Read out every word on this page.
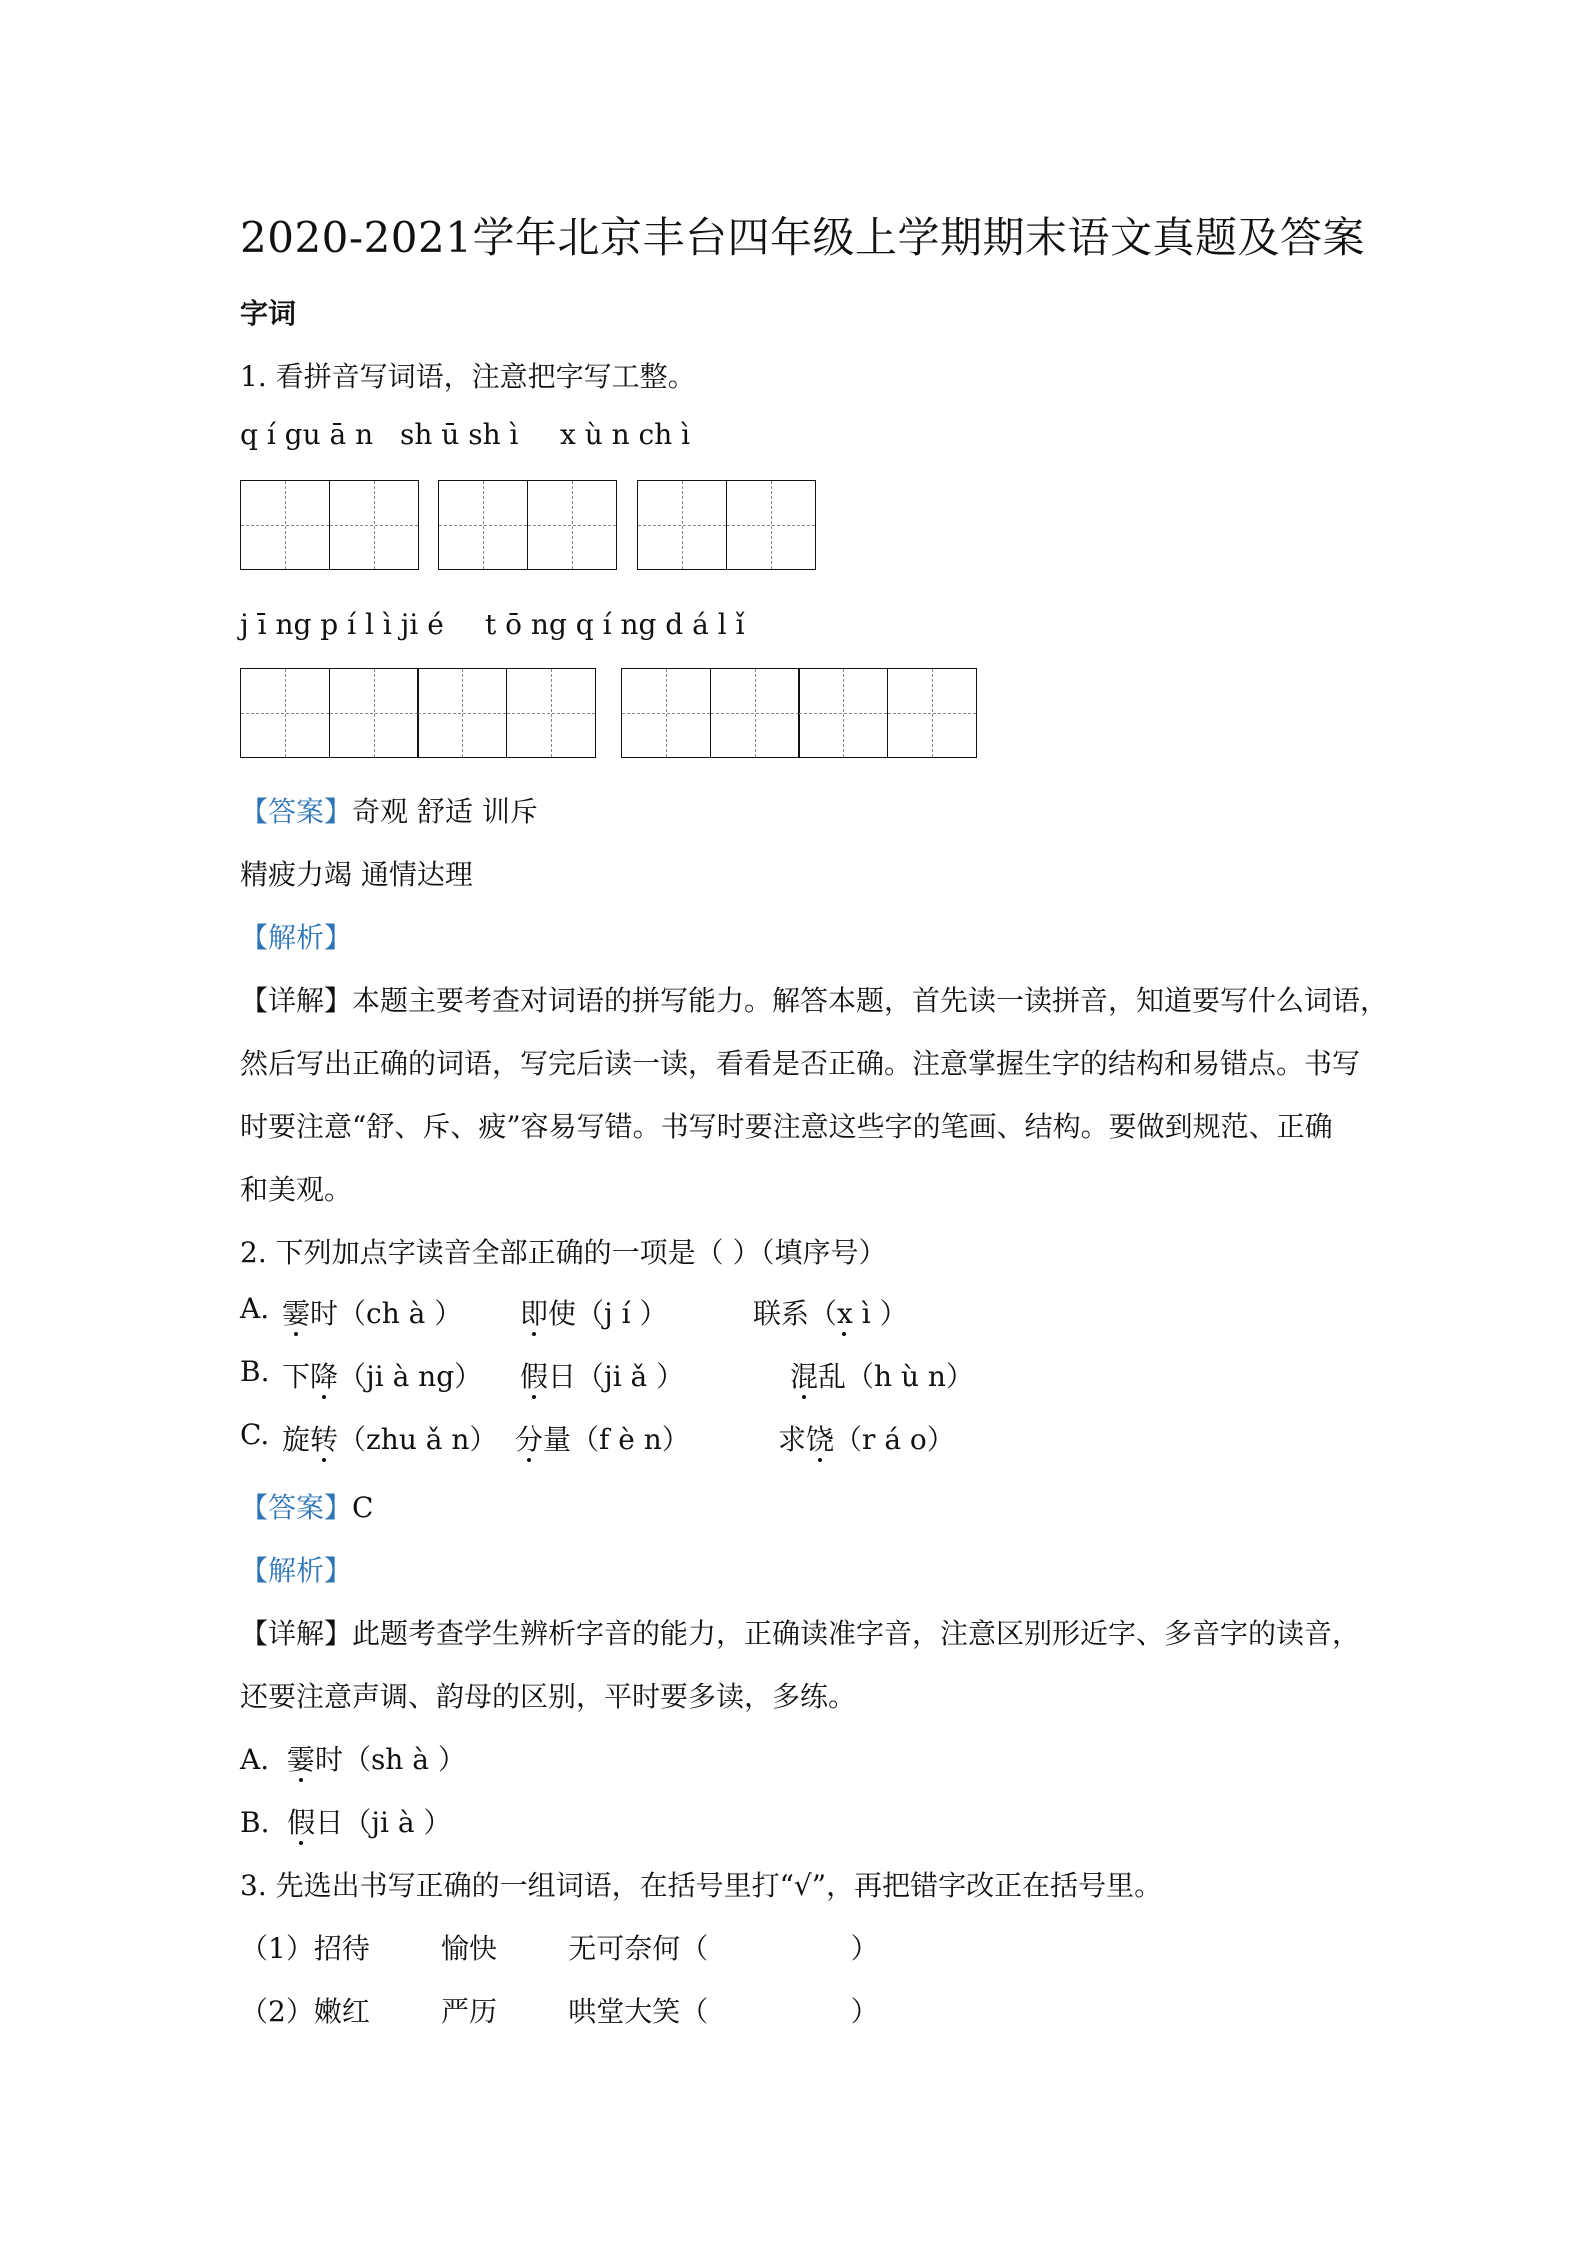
2020-2021学年北京丰台四年级上学期期末语文真题及答案
字词
1. 看拼音写词语，注意把字写工整。
q í gu ā n sh ū sh ì x ù n ch ì
j ī ng p í l ì ji é t ō ng q í ng d á l ǐ
【答案】奇观 舒适 训斥
精疲力竭 通情达理
【解析】
【详解】本题主要考查对词语的拼写能力。解答本题，首先读一读拼音，知道要写什么词语，
然后写出正确的词语，写完后读一读，看看是否正确。注意掌握生字的结构和易错点。书写
时要注意“舒、斥、疲”容易写错。书写时要注意这些字的笔画、结构。要做到规范、正确
和美观。
2. 下列加点字读音全部正确的一项是（ ）（填序号）
A. 霎时（ch à ） 即使（j í ）	联系（x ì ）
B. 下降（ji à ng） 假日（ji ǎ ）	混乱（h ù n）
C. 旋转（zhu ǎ n） 分量（f è n）	求饶（r á o）
【答案】C
【解析】
【详解】此题考查学生辨析字音的能力，正确读准字音，注意区别形近字、多音字的读音，
还要注意声调、韵母的区别，平时要多读，多练。
A.  霎时（sh à ）
B.  假日（ji à ）
3. 先选出书写正确的一组词语，在括号里打“√”，再把错字改正在括号里。
（1）招待        愉快        无可奈何（                ）
（2）嫩红        严历        哄堂大笑（                ）
